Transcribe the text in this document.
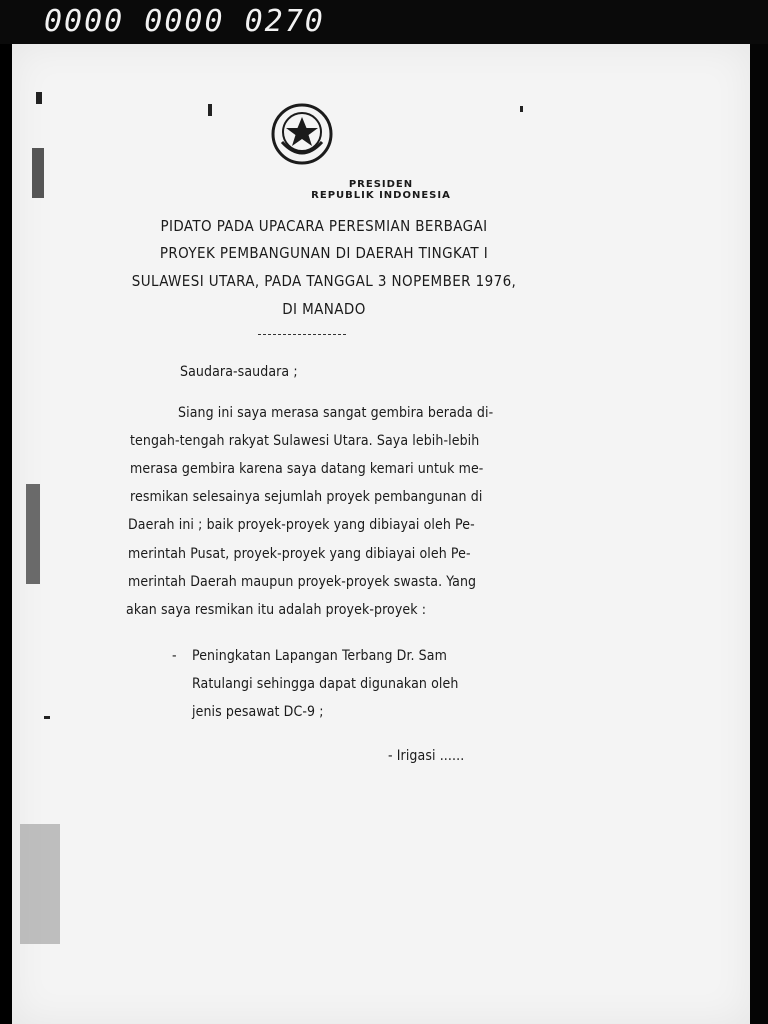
0000 0000 0270
PRESIDEN
REPUBLIK INDONESIA
PIDATO PADA UPACARA PERESMIAN BERBAGAI
PROYEK PEMBANGUNAN DI DAERAH TINGKAT I
SULAWESI UTARA, PADA TANGGAL 3 NOPEMBER 1976,
DI MANADO
Saudara-saudara ;
Siang ini saya merasa sangat gembira berada di-
tengah-tengah rakyat Sulawesi Utara. Saya lebih-lebih
merasa gembira karena saya datang kemari untuk me-
resmikan selesainya sejumlah proyek pembangunan di
Daerah ini ; baik proyek-proyek yang dibiayai oleh Pe-
merintah Pusat, proyek-proyek yang dibiayai oleh Pe-
merintah Daerah maupun proyek-proyek swasta. Yang
akan saya resmikan itu adalah proyek-proyek :
- Peningkatan Lapangan Terbang Dr. Sam
Ratulangi sehingga dapat digunakan oleh
jenis pesawat DC-9 ;
- Irigasi ......
